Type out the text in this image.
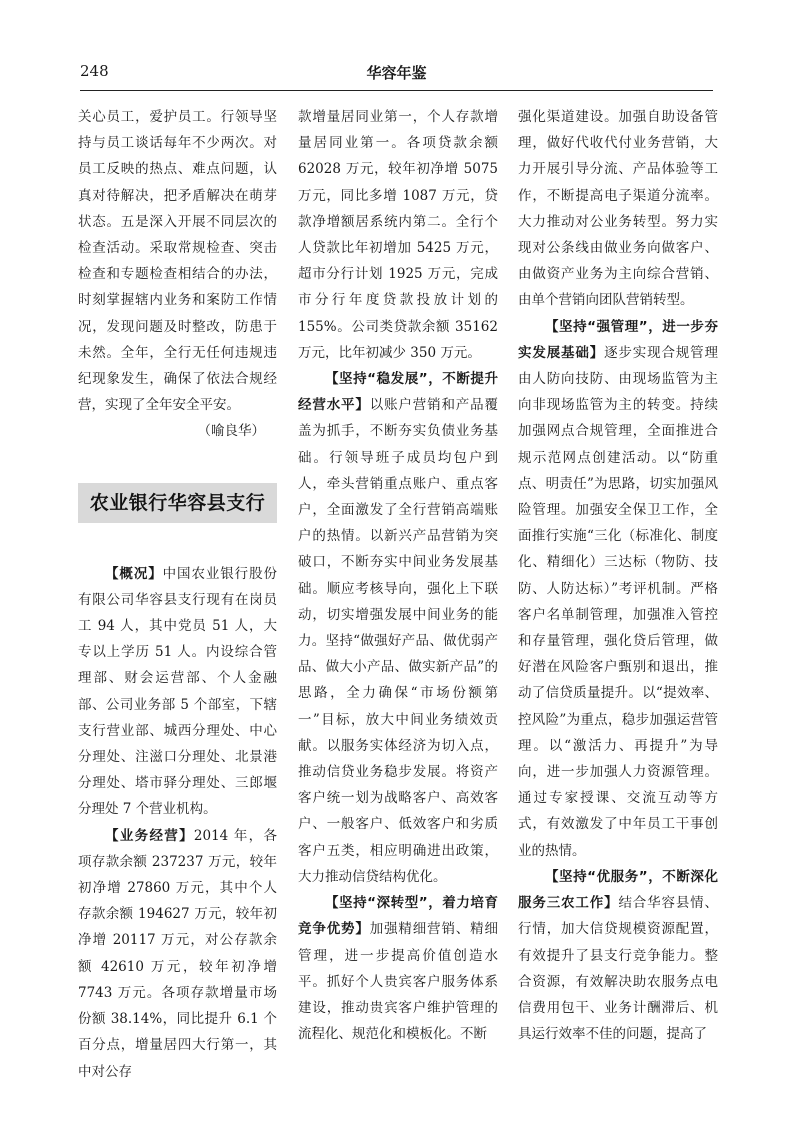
248	华容年鉴

关心员工，爱护员工。行领导坚持与员工谈话每年不少两次。对员工反映的热点、难点问题，认真对待解决，把矛盾解决在萌芽状态。五是深入开展不同层次的检查活动。采取常规检查、突击检查和专题检查相结合的办法，时刻掌握辖内业务和案防工作情况，发现问题及时整改，防患于未然。全年，全行无任何违规违纪现象发生，确保了依法合规经营，实现了全年安全平安。

（喻良华）

农业银行华容县支行

【概况】中国农业银行股份有限公司华容县支行现有在岗员工 94 人，其中党员 51 人，大专以上学历 51 人。内设综合管理部、财会运营部、个人金融部、公司业务部 5 个部室，下辖支行营业部、城西分理处、中心分理处、注滋口分理处、北景港分理处、塔市驿分理处、三郎堰分理处 7 个营业机构。

【业务经营】2014 年，各项存款余额 237237 万元，较年初净增 27860 万元，其中个人存款余额 194627 万元，较年初净增 20117 万元，对公存款余额 42610 万元，较年初净增 7743 万元。各项存款增量市场份额 38.14%，同比提升 6.1 个百分点，增量居四大行第一，其中对公存

款增量居同业第一，个人存款增量居同业第一。各项贷款余额 62028 万元，较年初净增 5075 万元，同比多增 1087 万元，贷款净增额居系统内第二。全行个人贷款比年初增加 5425 万元，超市分行计划 1925 万元，完成市分行年度贷款投放计划的 155%。公司类贷款余额 35162 万元，比年初减少 350 万元。

【坚持“稳发展”，不断提升经营水平】以账户营销和产品覆盖为抓手，不断夯实负债业务基础。行领导班子成员均包户到人，牵头营销重点账户、重点客户，全面激发了全行营销高端账户的热情。以新兴产品营销为突破口，不断夯实中间业务发展基础。顺应考核导向，强化上下联动，切实增强发展中间业务的能力。坚持“做强好产品、做优弱产品、做大小产品、做实新产品”的思路，全力确保“市场份额第一”目标，放大中间业务绩效贡献。以服务实体经济为切入点，推动信贷业务稳步发展。将资产客户统一划为战略客户、高效客户、一般客户、低效客户和劣质客户五类，相应明确进出政策，大力推动信贷结构优化。

【坚持“深转型”，着力培育竞争优势】加强精细营销、精细管理，进一步提高价值创造水平。抓好个人贵宾客户服务体系建设，推动贵宾客户维护管理的流程化、规范化和模板化。不断

强化渠道建设。加强自助设备管理，做好代收代付业务营销，大力开展引导分流、产品体验等工作，不断提高电子渠道分流率。大力推动对公业务转型。努力实现对公条线由做业务向做客户、由做资产业务为主向综合营销、由单个营销向团队营销转型。

【坚持“强管理”，进一步夯实发展基础】逐步实现合规管理由人防向技防、由现场监管为主向非现场监管为主的转变。持续加强网点合规管理，全面推进合规示范网点创建活动。以“防重点、明责任”为思路，切实加强风险管理。加强安全保卫工作，全面推行实施“三化（标准化、制度化、精细化）三达标（物防、技防、人防达标）”考评机制。严格客户名单制管理，加强准入管控和存量管理，强化贷后管理，做好潜在风险客户甄别和退出，推动了信贷质量提升。以“提效率、控风险”为重点，稳步加强运营管理。以“激活力、再提升”为导向，进一步加强人力资源管理。通过专家授课、交流互动等方式，有效激发了中年员工干事创业的热情。

【坚持“优服务”，不断深化服务三农工作】结合华容县情、行情，加大信贷规模资源配置，有效提升了县支行竞争能力。整合资源，有效解决助农服务点电信费用包干、业务计酬滞后、机具运行效率不佳的问题，提高了
